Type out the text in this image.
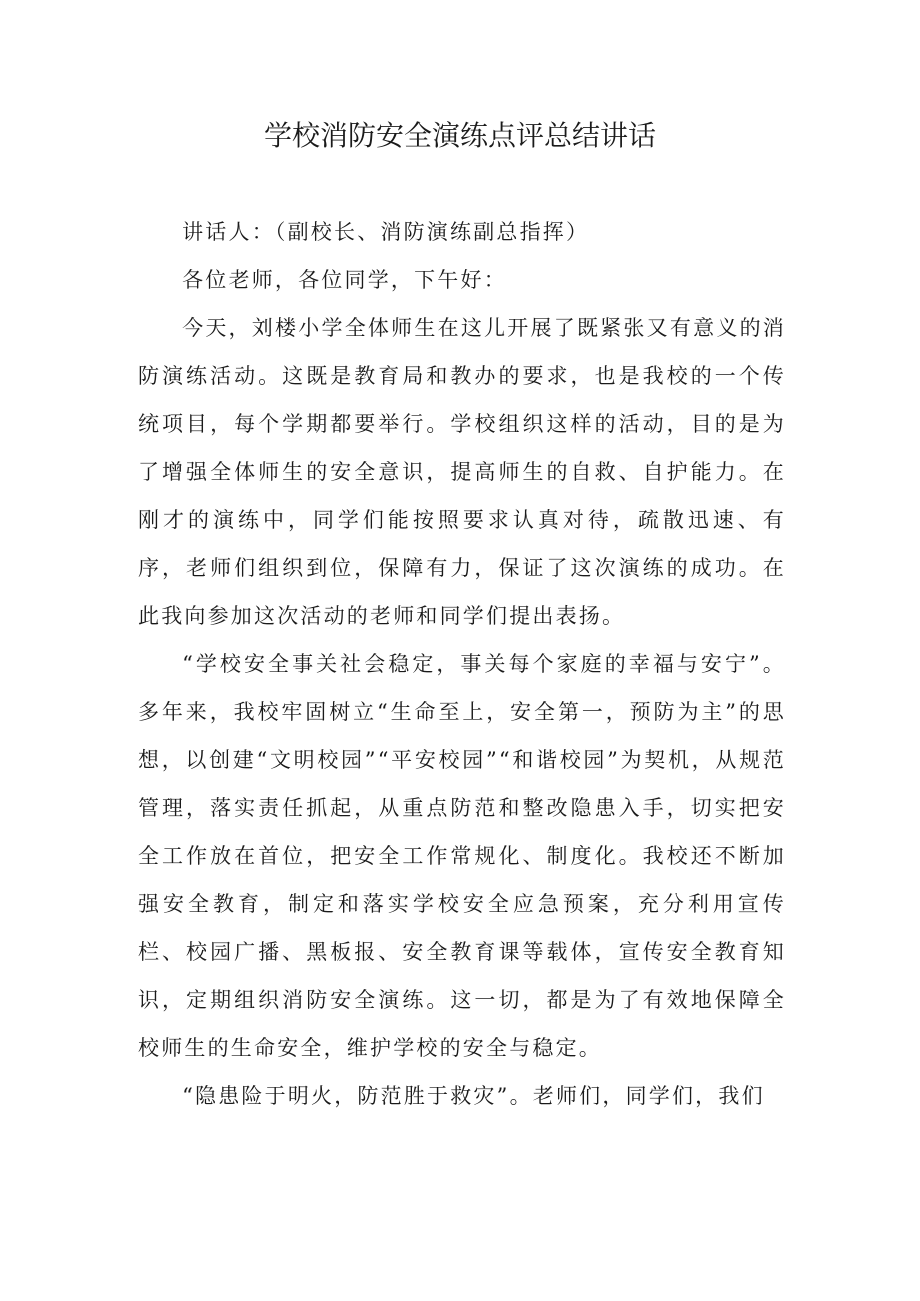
学校消防安全演练点评总结讲话

讲话人：（副校长、消防演练副总指挥）

各位老师，各位同学，下午好：

今天，刘楼小学全体师生在这儿开展了既紧张又有意义的消防演练活动。这既是教育局和教办的要求，也是我校的一个传统项目，每个学期都要举行。学校组织这样的活动，目的是为了增强全体师生的安全意识，提高师生的自救、自护能力。在刚才的演练中，同学们能按照要求认真对待，疏散迅速、有序，老师们组织到位，保障有力，保证了这次演练的成功。在此我向参加这次活动的老师和同学们提出表扬。

“学校安全事关社会稳定，事关每个家庭的幸福与安宁”。多年来，我校牢固树立“生命至上，安全第一，预防为主”的思想，以创建“文明校园”“平安校园”“和谐校园”为契机，从规范管理，落实责任抓起，从重点防范和整改隐患入手，切实把安全工作放在首位，把安全工作常规化、制度化。我校还不断加强安全教育，制定和落实学校安全应急预案，充分利用宣传栏、校园广播、黑板报、安全教育课等载体，宣传安全教育知识，定期组织消防安全演练。这一切，都是为了有效地保障全校师生的生命安全，维护学校的安全与稳定。

“隐患险于明火，防范胜于救灾”。老师们，同学们，我们
